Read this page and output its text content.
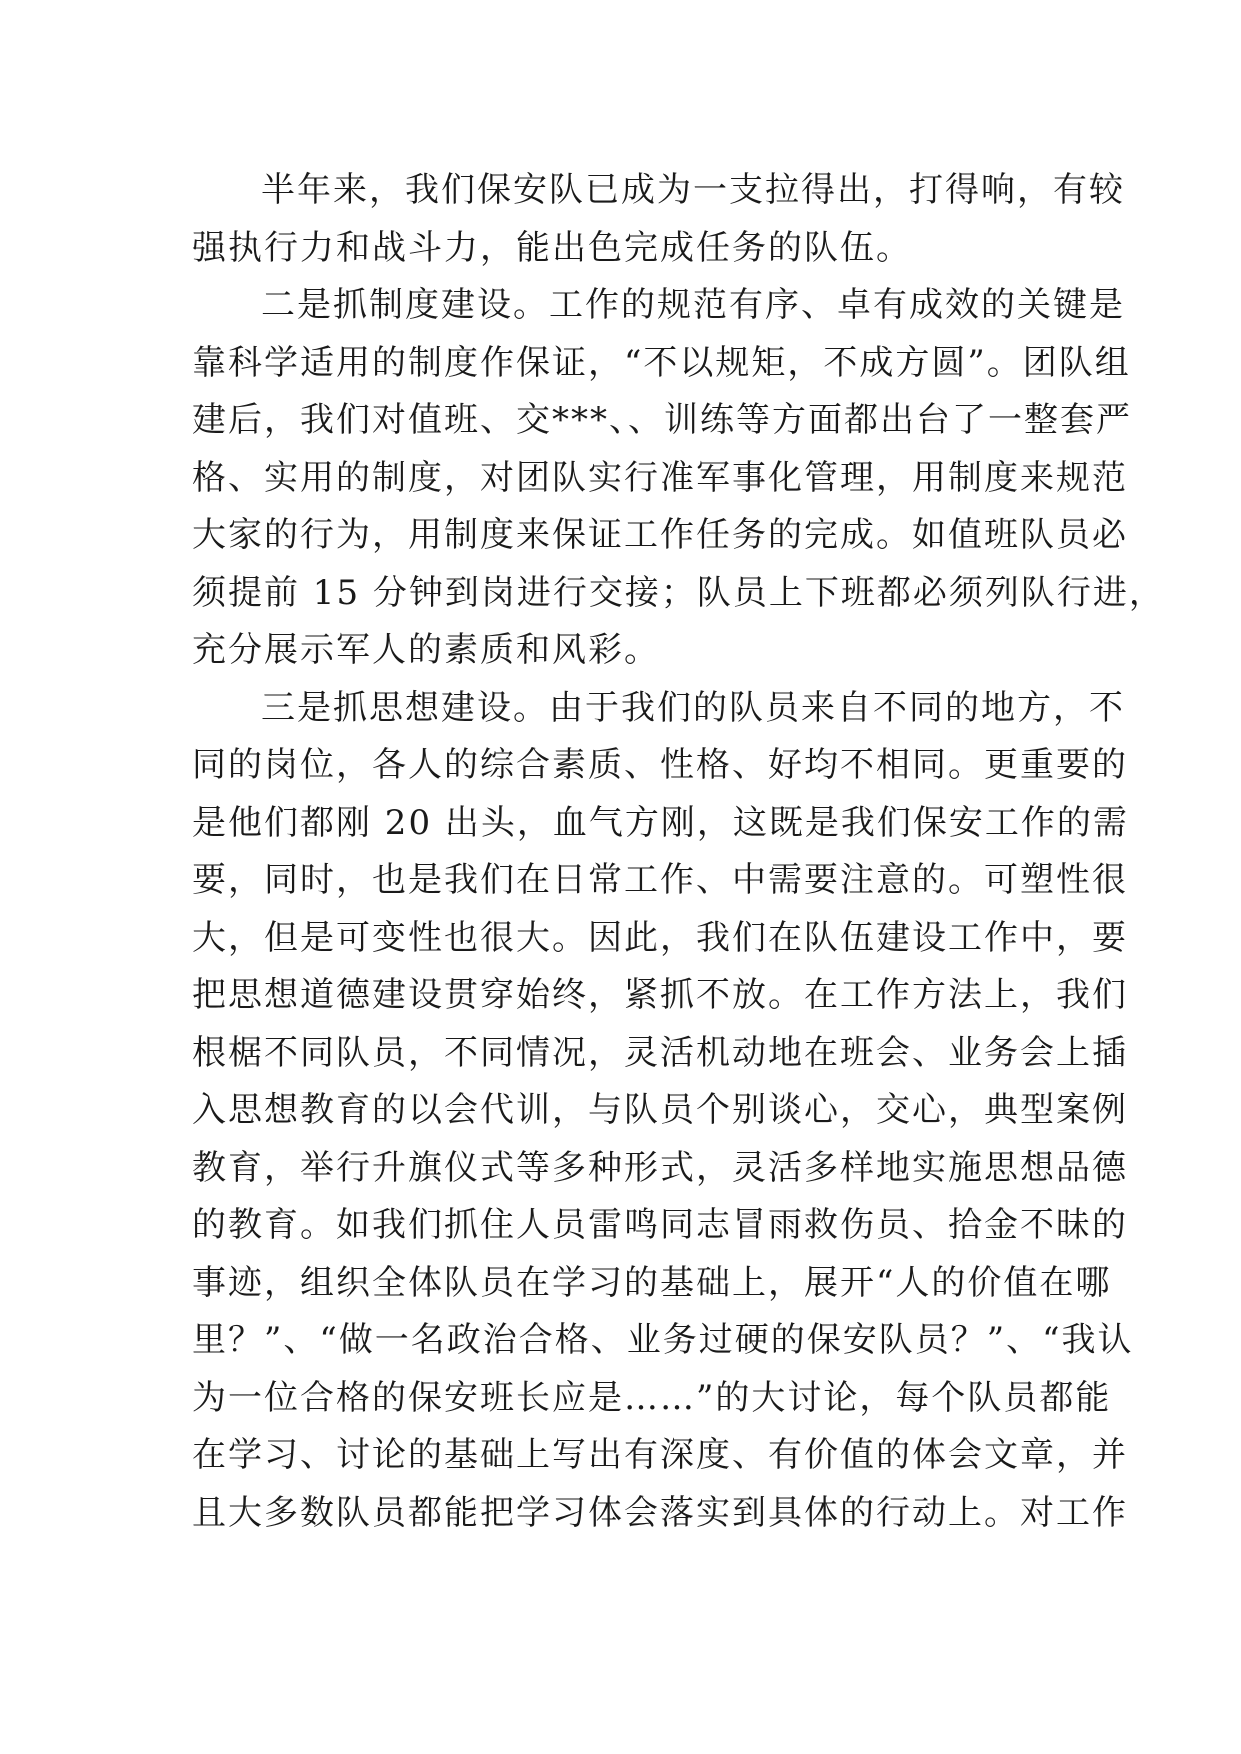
半年来，我们保安队已成为一支拉得出，打得响，有较
强执行力和战斗力，能出色完成任务的队伍。
二是抓制度建设。工作的规范有序、卓有成效的关键是
靠科学适用的制度作保证，“不以规矩，不成方圆”。团队组
建后，我们对值班、交***、、训练等方面都出台了一整套严
格、实用的制度，对团队实行准军事化管理，用制度来规范
大家的行为，用制度来保证工作任务的完成。如值班队员必
须提前 15 分钟到岗进行交接；队员上下班都必须列队行进，
充分展示军人的素质和风彩。
三是抓思想建设。由于我们的队员来自不同的地方，不
同的岗位，各人的综合素质、性格、好均不相同。更重要的
是他们都刚 20 出头，血气方刚，这既是我们保安工作的需
要，同时，也是我们在日常工作、中需要注意的。可塑性很
大，但是可变性也很大。因此，我们在队伍建设工作中，要
把思想道德建设贯穿始终，紧抓不放。在工作方法上，我们
根椐不同队员，不同情况，灵活机动地在班会、业务会上插
入思想教育的以会代训，与队员个别谈心，交心，典型案例
教育，举行升旗仪式等多种形式，灵活多样地实施思想品德
的教育。如我们抓住人员雷鸣同志冒雨救伤员、拾金不昧的
事迹，组织全体队员在学习的基础上，展开“人的价值在哪
里？”、“做一名政治合格、业务过硬的保安队员？”、“我认
为一位合格的保安班长应是……”的大讨论，每个队员都能
在学习、讨论的基础上写出有深度、有价值的体会文章，并
且大多数队员都能把学习体会落实到具体的行动上。对工作
